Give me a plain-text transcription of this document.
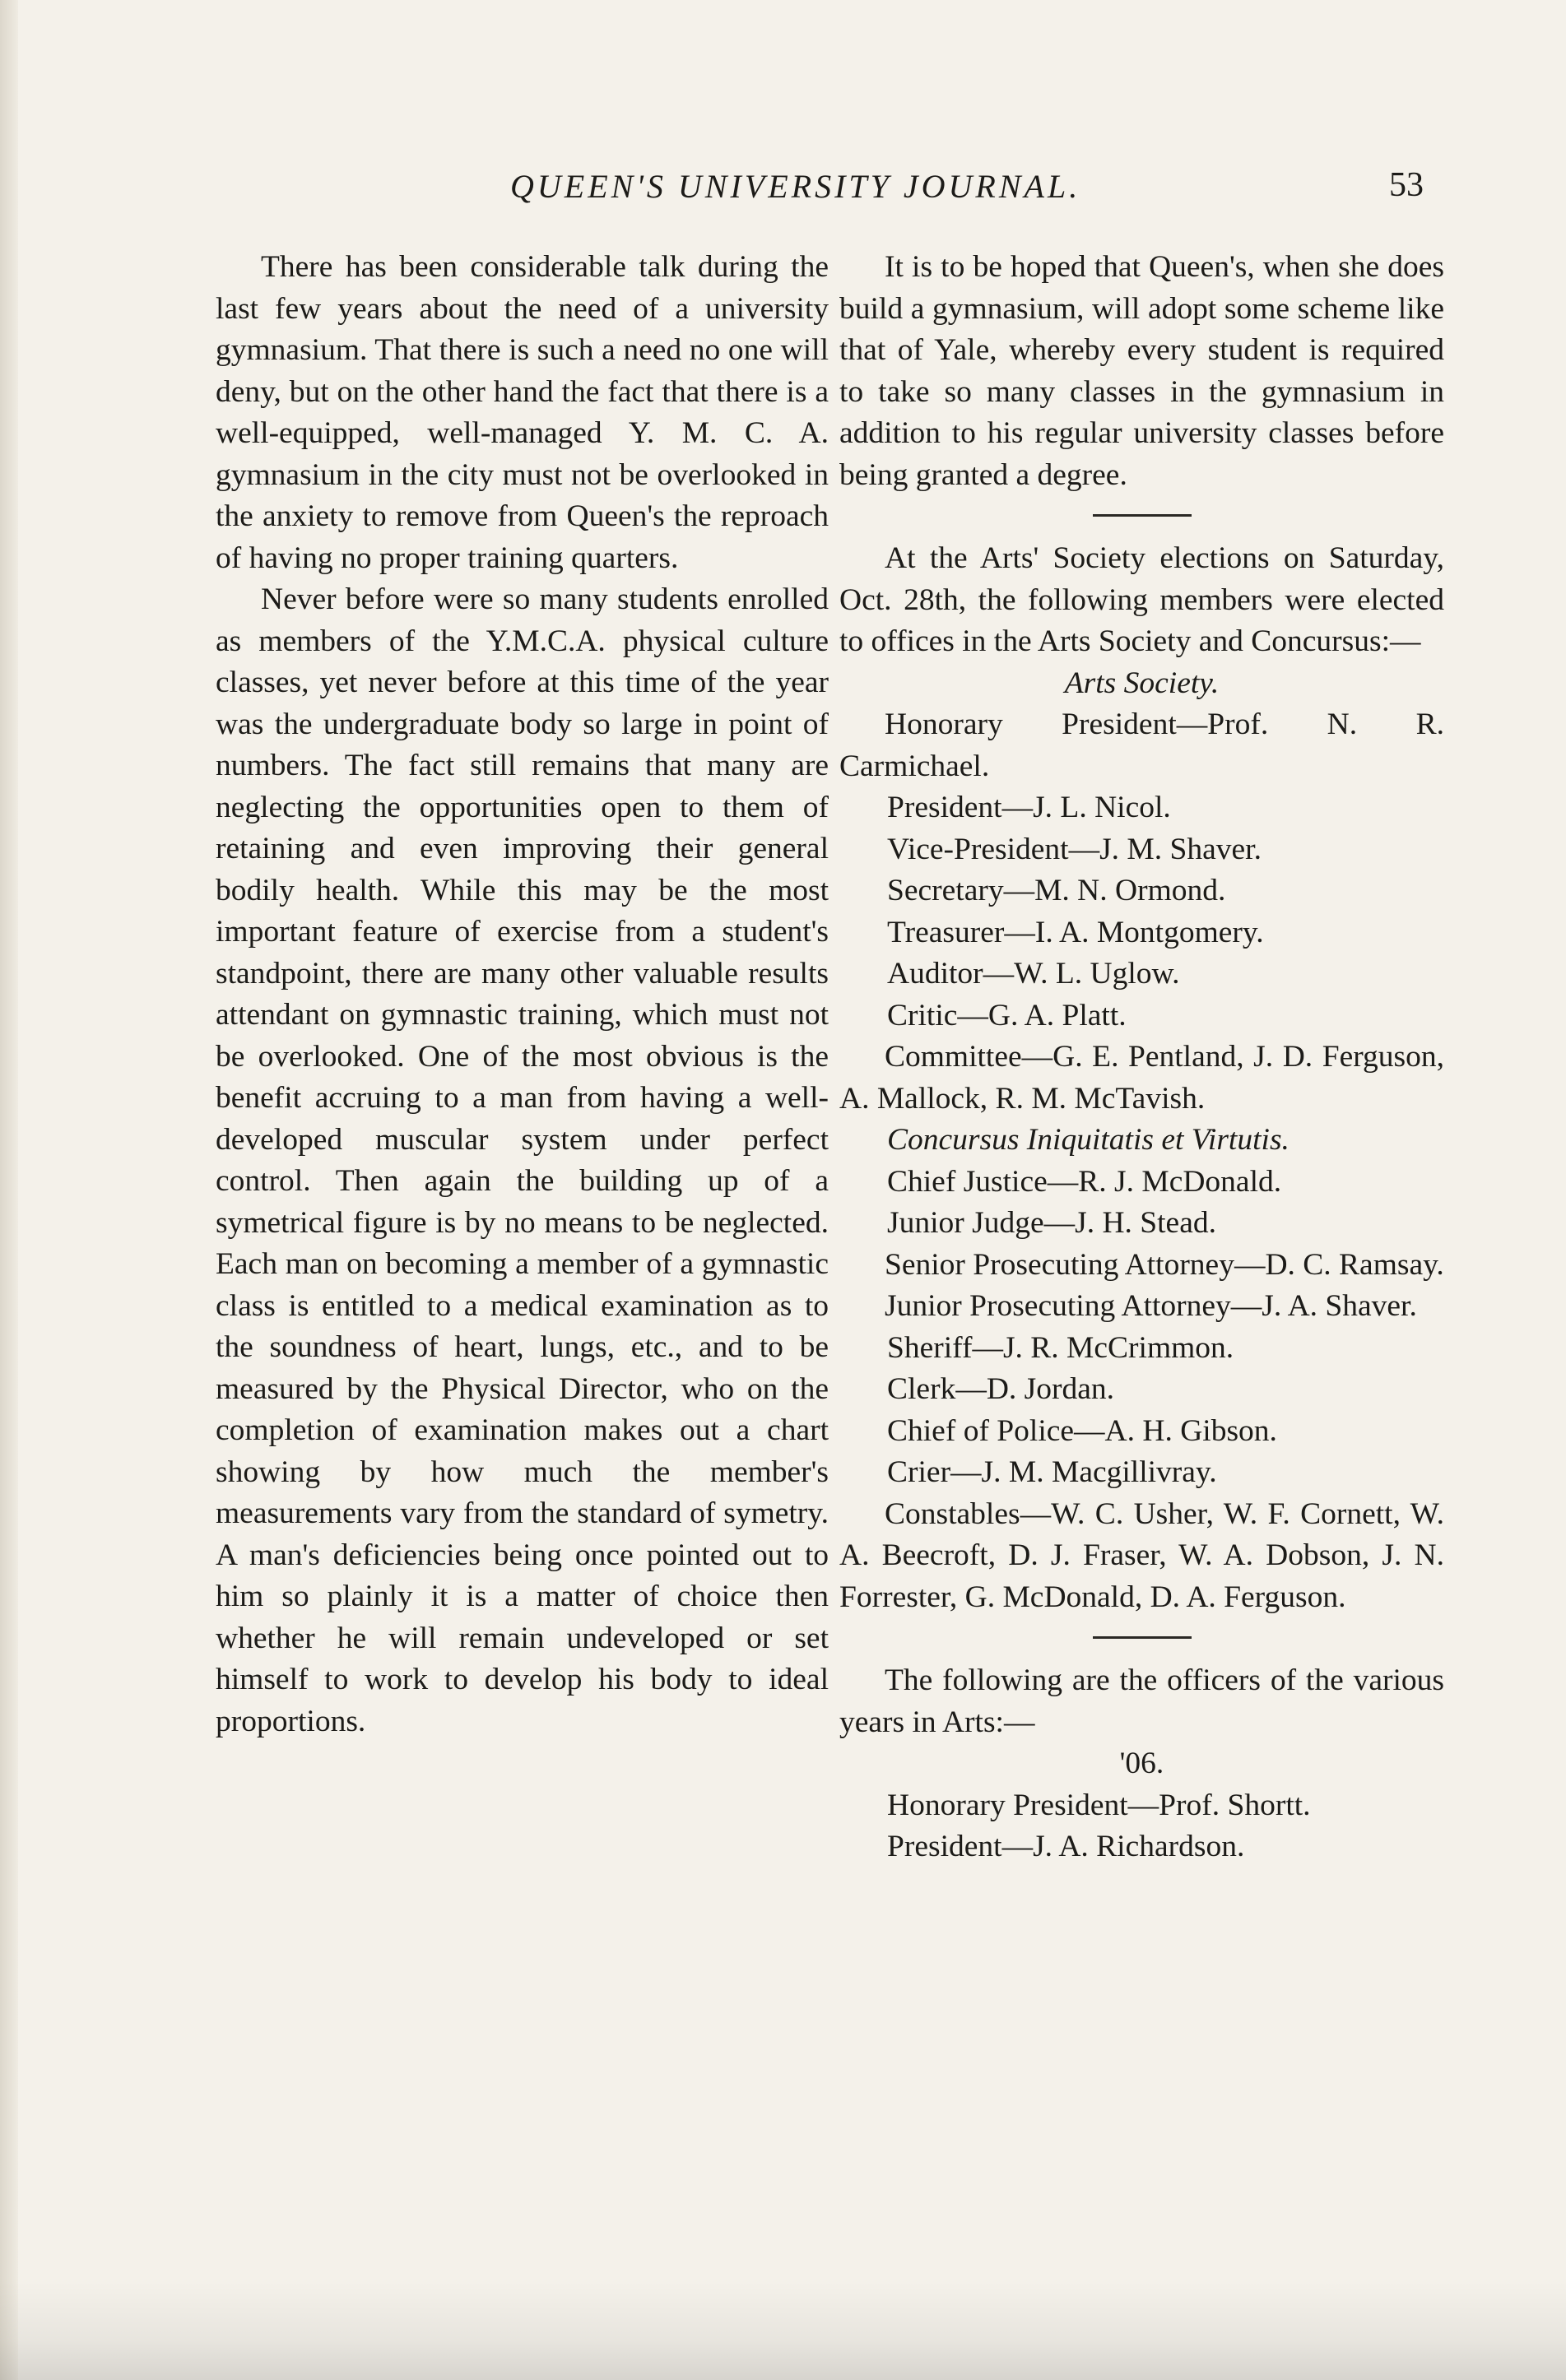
QUEEN'S UNIVERSITY JOURNAL.	53

There has been considerable talk during the last few years about the need of a university gymnasium. That there is such a need no one will deny, but on the other hand the fact that there is a well-equipped, well-managed Y. M. C. A. gymnasium in the city must not be overlooked in the anxiety to remove from Queen's the reproach of having no proper training quarters.

Never before were so many students enrolled as members of the Y.M.C.A. physical culture classes, yet never before at this time of the year was the undergraduate body so large in point of numbers. The fact still remains that many are neglecting the opportunities open to them of retaining and even improving their general bodily health. While this may be the most important feature of exercise from a student's standpoint, there are many other valuable results attendant on gymnastic training, which must not be overlooked. One of the most obvious is the benefit accruing to a man from having a well-developed muscular system under perfect control. Then again the building up of a symetrical figure is by no means to be neglected. Each man on becoming a member of a gymnastic class is entitled to a medical examination as to the soundness of heart, lungs, etc., and to be measured by the Physical Director, who on the completion of examination makes out a chart showing by how much the member's measurements vary from the standard of symetry. A man's deficiencies being once pointed out to him so plainly it is a matter of choice then whether he will remain undeveloped or set himself to work to develop his body to ideal proportions.

It is to be hoped that Queen's, when she does build a gymnasium, will adopt some scheme like that of Yale, whereby every student is required to take so many classes in the gymnasium in addition to his regular university classes before being granted a degree.

At the Arts' Society elections on Saturday, Oct. 28th, the following members were elected to offices in the Arts Society and Concursus:—

Arts Society.

Honorary President—Prof. N. R. Carmichael.

President—J. L. Nicol.

Vice-President—J. M. Shaver.

Secretary—M. N. Ormond.

Treasurer—I. A. Montgomery.

Auditor—W. L. Uglow.

Critic—G. A. Platt.

Committee—G. E. Pentland, J. D. Ferguson, A. Mallock, R. M. McTavish.

Concursus Iniquitatis et Virtutis.

Chief Justice—R. J. McDonald.

Junior Judge—J. H. Stead.

Senior Prosecuting Attorney—D. C. Ramsay.

Junior Prosecuting Attorney—J. A. Shaver.

Sheriff—J. R. McCrimmon.

Clerk—D. Jordan.

Chief of Police—A. H. Gibson.

Crier—J. M. Macgillivray.

Constables—W. C. Usher, W. F. Cornett, W. A. Beecroft, D. J. Fraser, W. A. Dobson, J. N. Forrester, G. McDonald, D. A. Ferguson.

The following are the officers of the various years in Arts:—

'06.

Honorary President—Prof. Shortt.

President—J. A. Richardson.
